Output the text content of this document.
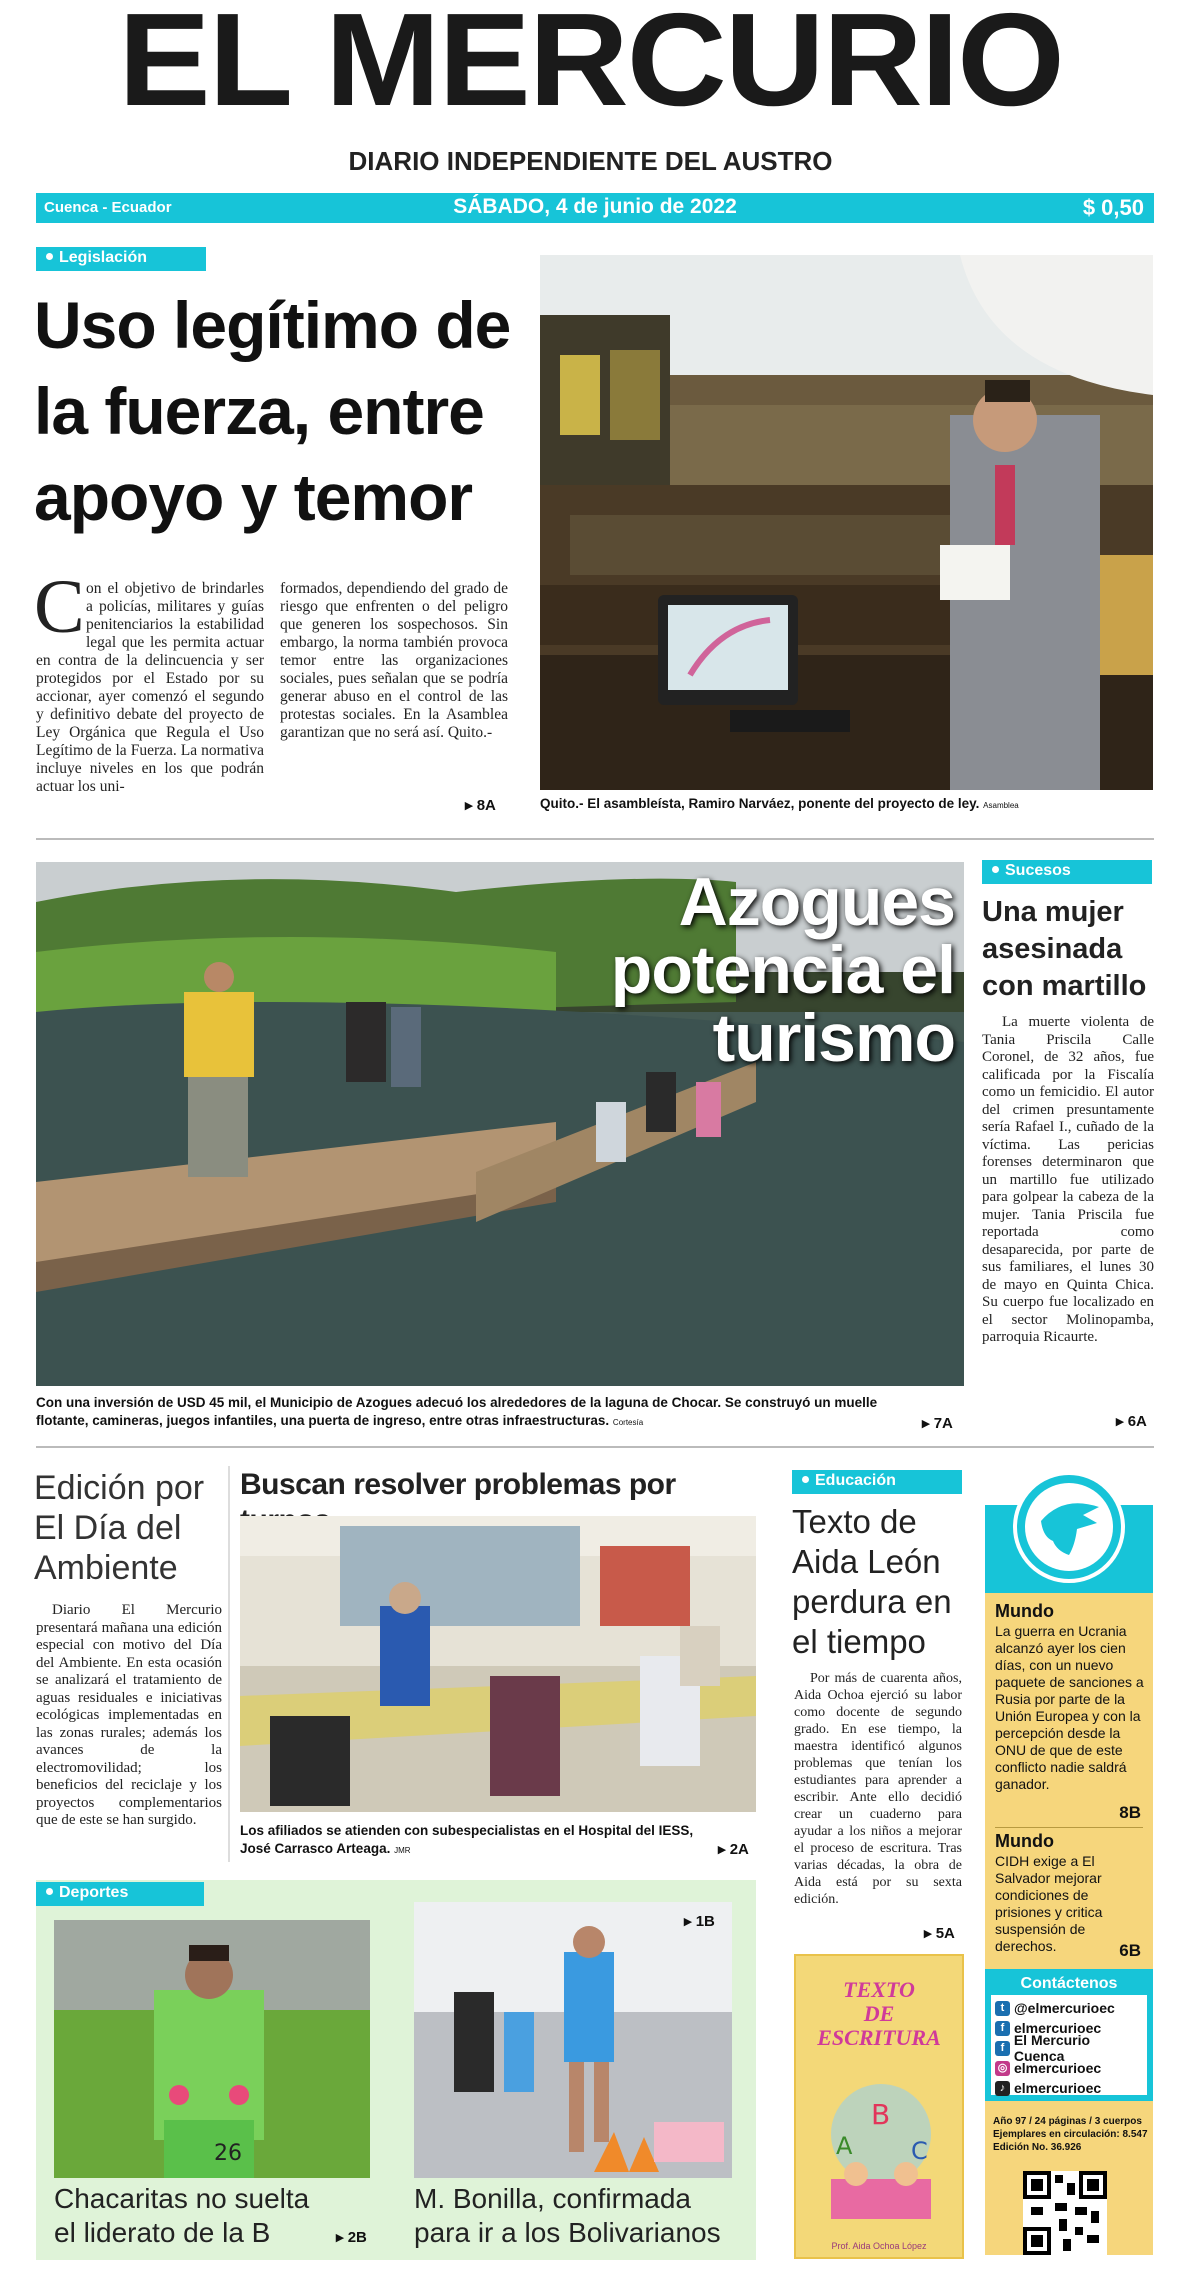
EL MERCURIO
DIARIO INDEPENDIENTE DEL AUSTRO
Cuenca - Ecuador	SÁBADO, 4 de junio de 2022	$ 0,50
Legislación
Uso legítimo de
la fuerza, entre
apoyo y temor
C on el objetivo de brindarles a policías, militares y guías penitenciarios la estabilidad legal que les permita actuar en contra de la delincuencia y ser protegidos por el Estado por su accionar, ayer comenzó el segundo y definitivo debate del proyecto de Ley Orgánica que Regula el Uso Legítimo de la Fuerza. La normativa incluye niveles en los que podrán actuar los uni-
formados, dependiendo del grado de riesgo que enfrenten o del peligro que generen los sospechosos. Sin embargo, la norma también provoca temor entre las organizaciones sociales, pues señalan que se podría generar abuso en el control de las protestas sociales. En la Asamblea garantizan que no será así. Quito.-
▸ 8A	Quito.- El asambleísta, Ramiro Narváez, ponente del proyecto de ley. Asamblea
Azogues
potencia el
turismo
Con una inversión de USD 45 mil, el Municipio de Azogues adecuó los alrededores de la laguna de Chocar. Se construyó un muelle flotante, camineras, juegos infantiles, una puerta de ingreso, entre otras infraestructuras. Cortesía	▸ 7A
Sucesos
Una mujer
asesinada
con martillo
La muerte violenta de Tania Priscila Calle Coronel, de 32 años, fue calificada por la Fiscalía como un femicidio. El autor del crimen presuntamente sería Rafael I., cuñado de la víctima. Las pericias forenses determinaron que un martillo fue utilizado para golpear la cabeza de la mujer. Tania Priscila fue reportada como desaparecida, por parte de sus familiares, el lunes 30 de mayo en Quinta Chica. Su cuerpo fue localizado en el sector Molinopamba, parroquia Ricaurte.
▸ 6A
Edición por
El Día del
Ambiente
Diario El Mercurio presentará mañana una edición especial con motivo del Día del Ambiente. En esta ocasión se analizará el tratamiento de aguas residuales e iniciativas ecológicas implementadas en las zonas rurales; además los avances de la electromovilidad; los beneficios del reciclaje y los proyectos complementarios que de este se han surgido.
Buscan resolver problemas por
Los afiliados se atienden con subespecialistas en el Hospital del IESS, José Carrasco Arteaga. JMR	▸ 2A
Educación
Texto de
Aida León
perdura en
el tiempo
Por más de cuarenta años, Aida Ochoa ejerció su labor como docente de segundo grado. En ese tiempo, la maestra identificó algunos problemas que tenían los estudiantes para aprender a escribir. Ante ello decidió crear un cuaderno para ayudar a los niños a mejorar el proceso de escritura. Tras varias décadas, la obra de Aida está por su sexta edición.
▸ 5A
TEXTO
DE
ESCRITURA
B
A C
Prof. Aida Ochoa López
Deportes
26
Chacaritas no suelta
el liderato de la B	▸ 2B
▸ 1B
M. Bonilla, confirmada
para ir a los Bolivarianos
Mundo
La guerra en Ucrania alcanzó ayer los cien días, con un nuevo paquete de sanciones a Rusia por parte de la Unión Europea y con la percepción desde la ONU de que de este conflicto nadie saldrá ganador.
8B
Mundo
CIDH exige a El Salvador mejorar condiciones de prisiones y critica suspensión de derechos.	6B
Contáctenos
t @elmercurioec
f elmercurioec
f El Mercurio Cuenca
◎ elmercurioec
♪ elmercurioec
Año 97 / 24 páginas / 3 cuerpos
Ejemplares en circulación: 8.547
Edición No. 36.926
